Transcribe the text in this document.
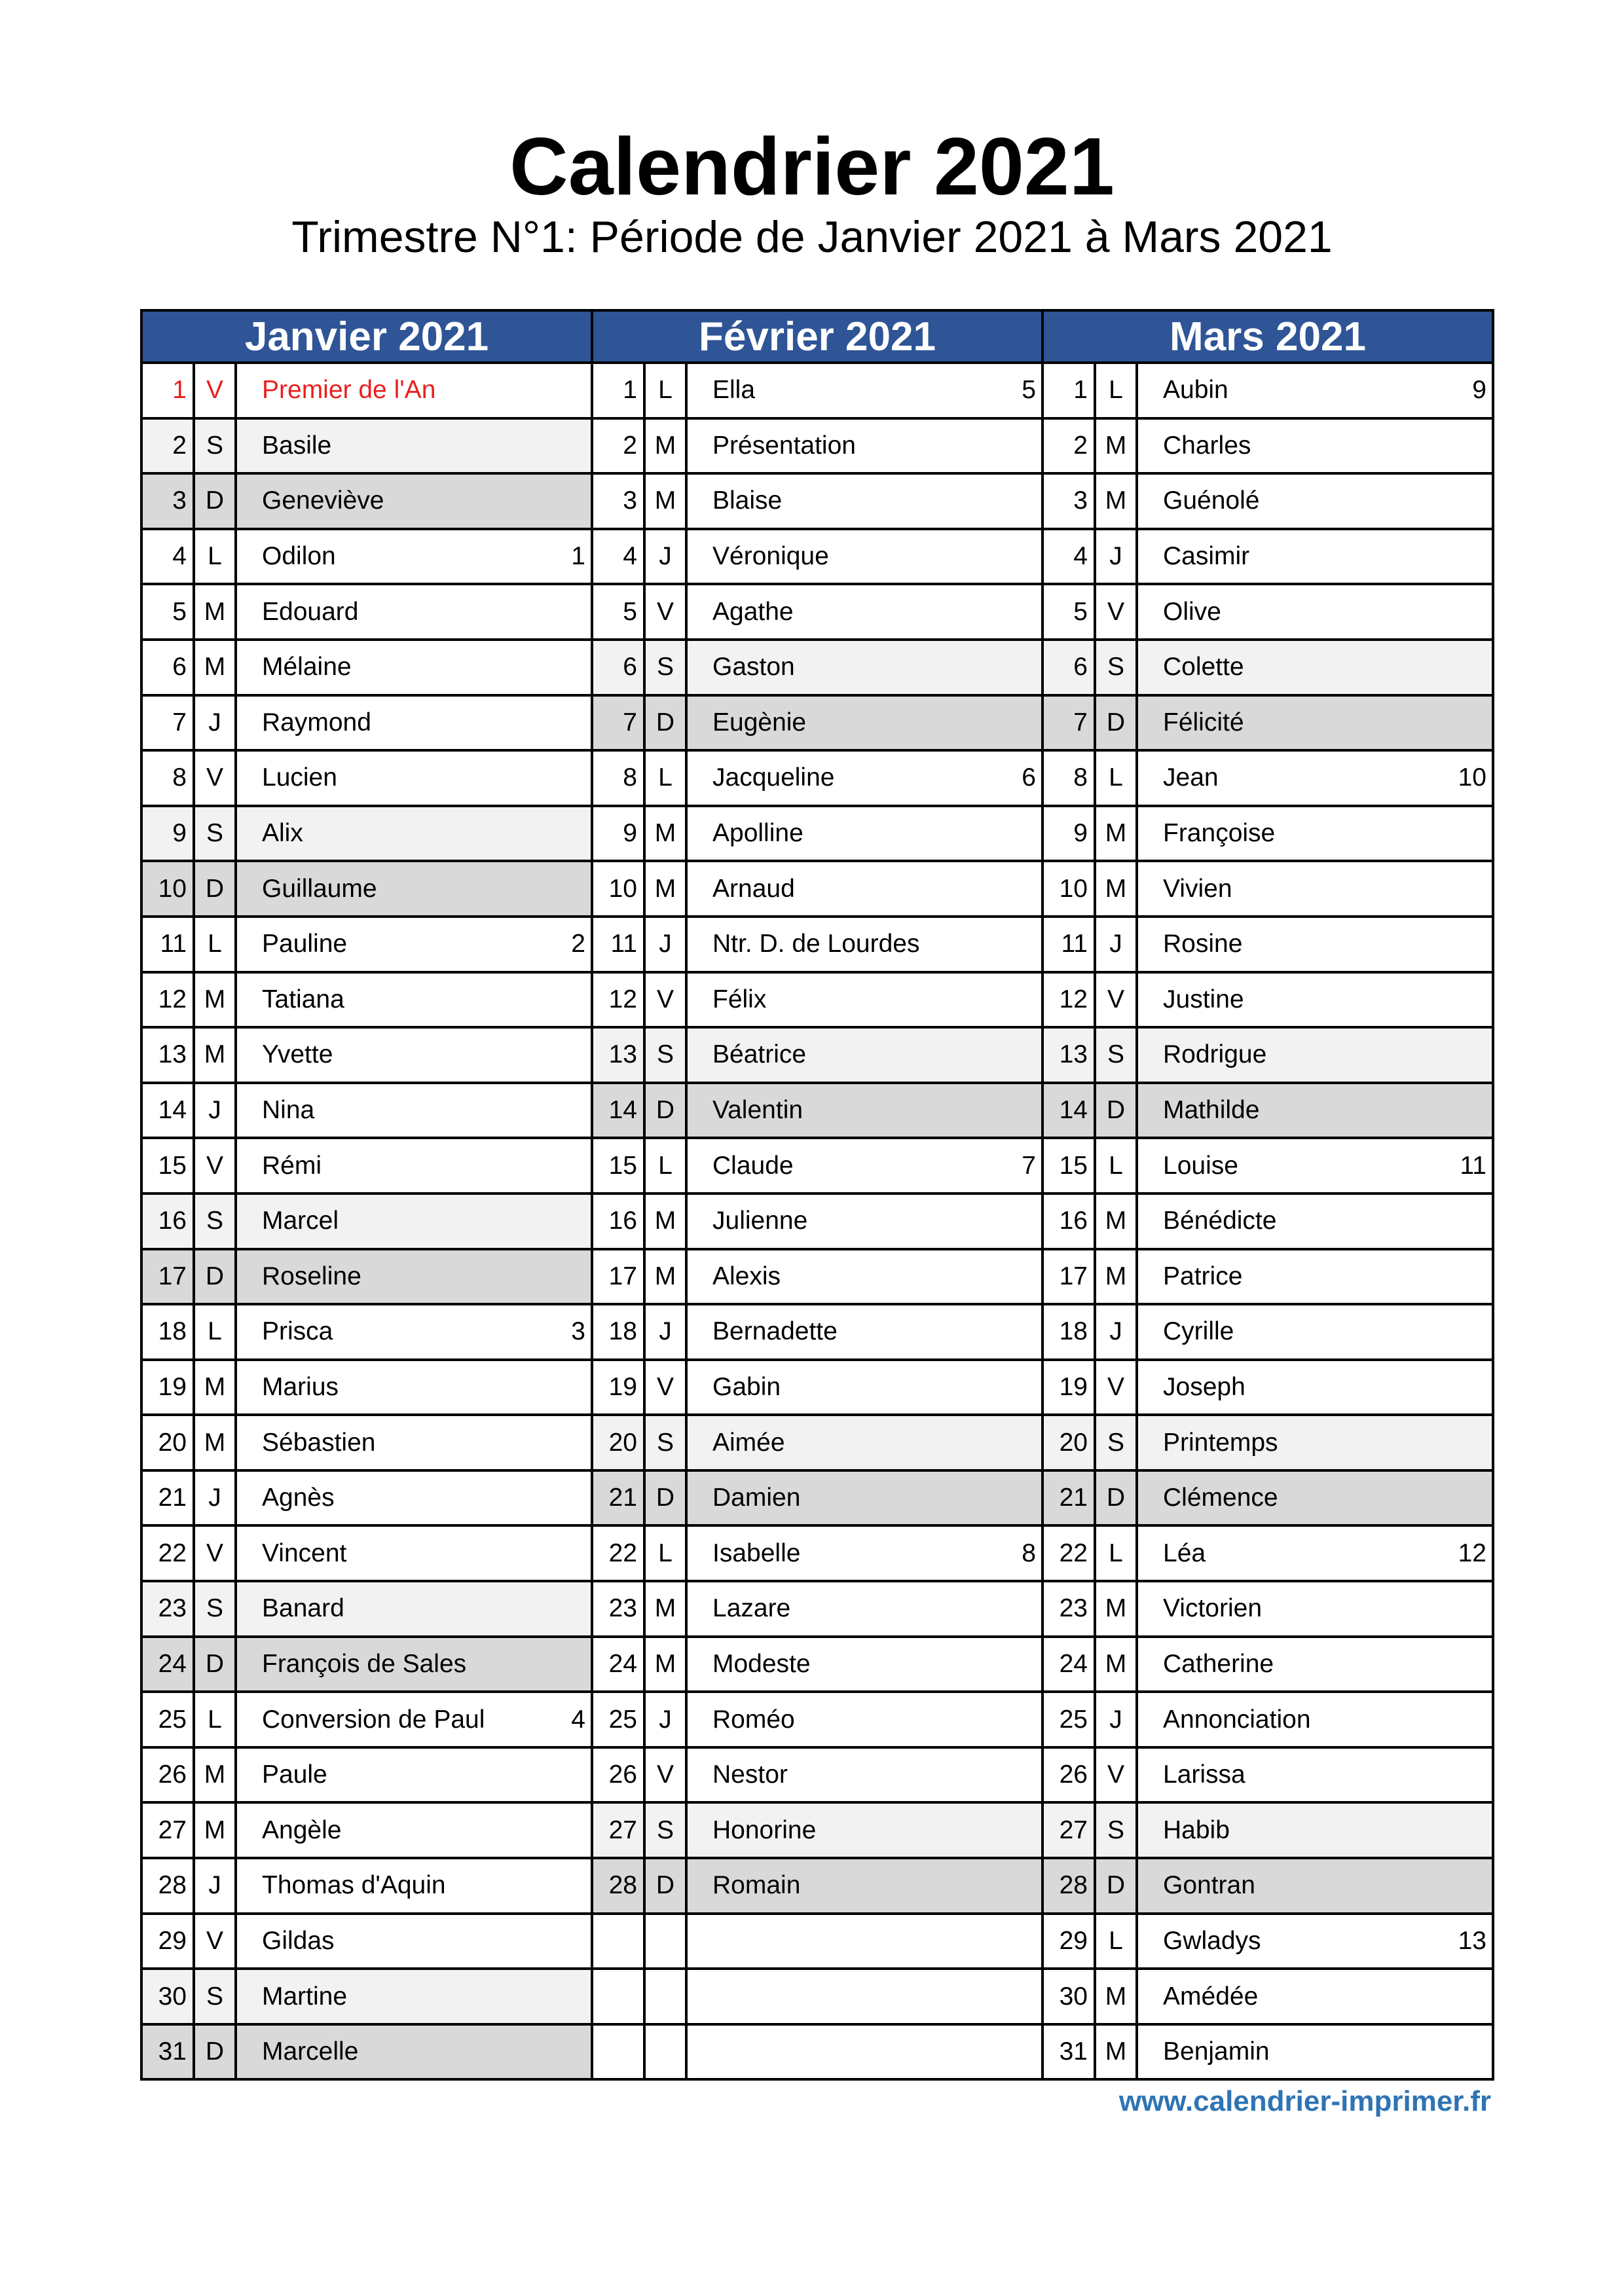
Calendrier 2021
Trimestre N°1: Période de Janvier 2021 à Mars 2021
Janvier 2021
1 V	Premier de l'An
2 S	Basile
3 D	Geneviève
4 L	Odilon	1
5 M	Edouard
6 M	Mélaine
7 J	Raymond
8 V	Lucien
9 S	Alix
10 D	Guillaume
11 L	Pauline	2
12 M	Tatiana
13 M	Yvette
14 J	Nina
15 V	Rémi
16 S	Marcel
17 D	Roseline
18 L	Prisca	3
19 M	Marius
20 M	Sébastien
21 J	Agnès
22 V	Vincent
23 S	Banard
24 D	François de Sales
25 L	Conversion de Paul	4
26 M	Paule
27 M	Angèle
28 J	Thomas d'Aquin
29 V	Gildas
30 S	Martine
31 D	Marcelle
Février 2021
1 L	Ella	5
2 M	Présentation
3 M	Blaise
4 J	Véronique
5 V	Agathe
6 S	Gaston
7 D	Eugènie
8 L	Jacqueline	6
9 M	Apolline
10 M	Arnaud
11 J	Ntr. D. de Lourdes
12 V	Félix
13 S	Béatrice
14 D	Valentin
15 L	Claude	7
16 M	Julienne
17 M	Alexis
18 J	Bernadette
19 V	Gabin
20 S	Aimée
21 D	Damien
22 L	Isabelle	8
23 M	Lazare
24 M	Modeste
25 J	Roméo
26 V	Nestor
27 S	Honorine
28 D	Romain
Mars 2021
1 L	Aubin	9
2 M	Charles
3 M	Guénolé
4 J	Casimir
5 V	Olive
6 S	Colette
7 D	Félicité
8 L	Jean	10
9 M	Françoise
10 M	Vivien
11 J	Rosine
12 V	Justine
13 S	Rodrigue
14 D	Mathilde
15 L	Louise	11
16 M	Bénédicte
17 M	Patrice
18 J	Cyrille
19 V	Joseph
20 S	Printemps
21 D	Clémence
22 L	Léa	12
23 M	Victorien
24 M	Catherine
25 J	Annonciation
26 V	Larissa
27 S	Habib
28 D	Gontran
29 L	Gwladys	13
30 M	Amédée
31 M	Benjamin
www.calendrier-imprimer.fr
